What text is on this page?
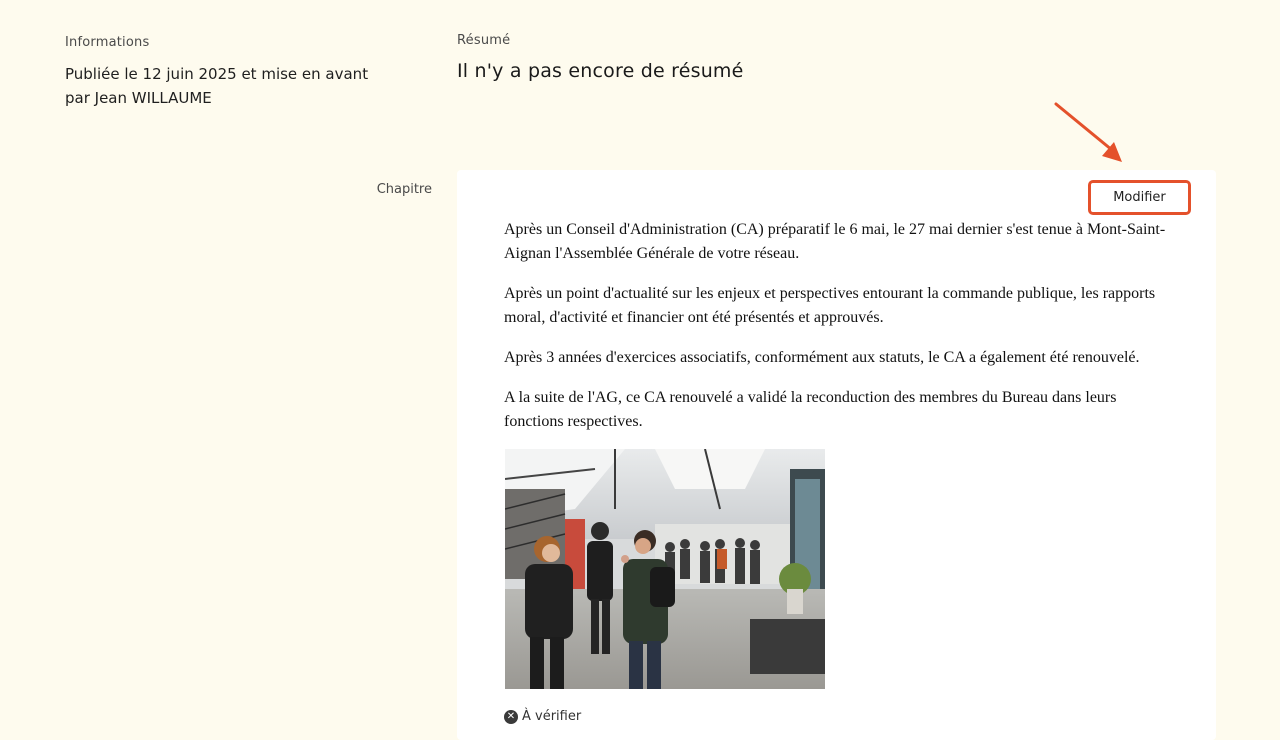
Informations
Publiée le 12 juin 2025 et mise en avant
par Jean WILLAUME
Résumé
Il n'y a pas encore de résumé
Chapitre
Modifier

Après un Conseil d'Administration (CA) préparatif le 6 mai, le 27 mai dernier s'est tenue à Mont-Saint-Aignan l'Assemblée Générale de votre réseau.

Après un point d'actualité sur les enjeux et perspectives entourant la commande publique, les rapports moral, d'activité et financier ont été présentés et approuvés.

Après 3 années d'exercices associatifs, conformément aux statuts, le CA a également été renouvelé.

A la suite de l'AG, ce CA renouvelé a validé la reconduction des membres du Bureau dans leurs fonctions respectives.

✕ À vérifier
